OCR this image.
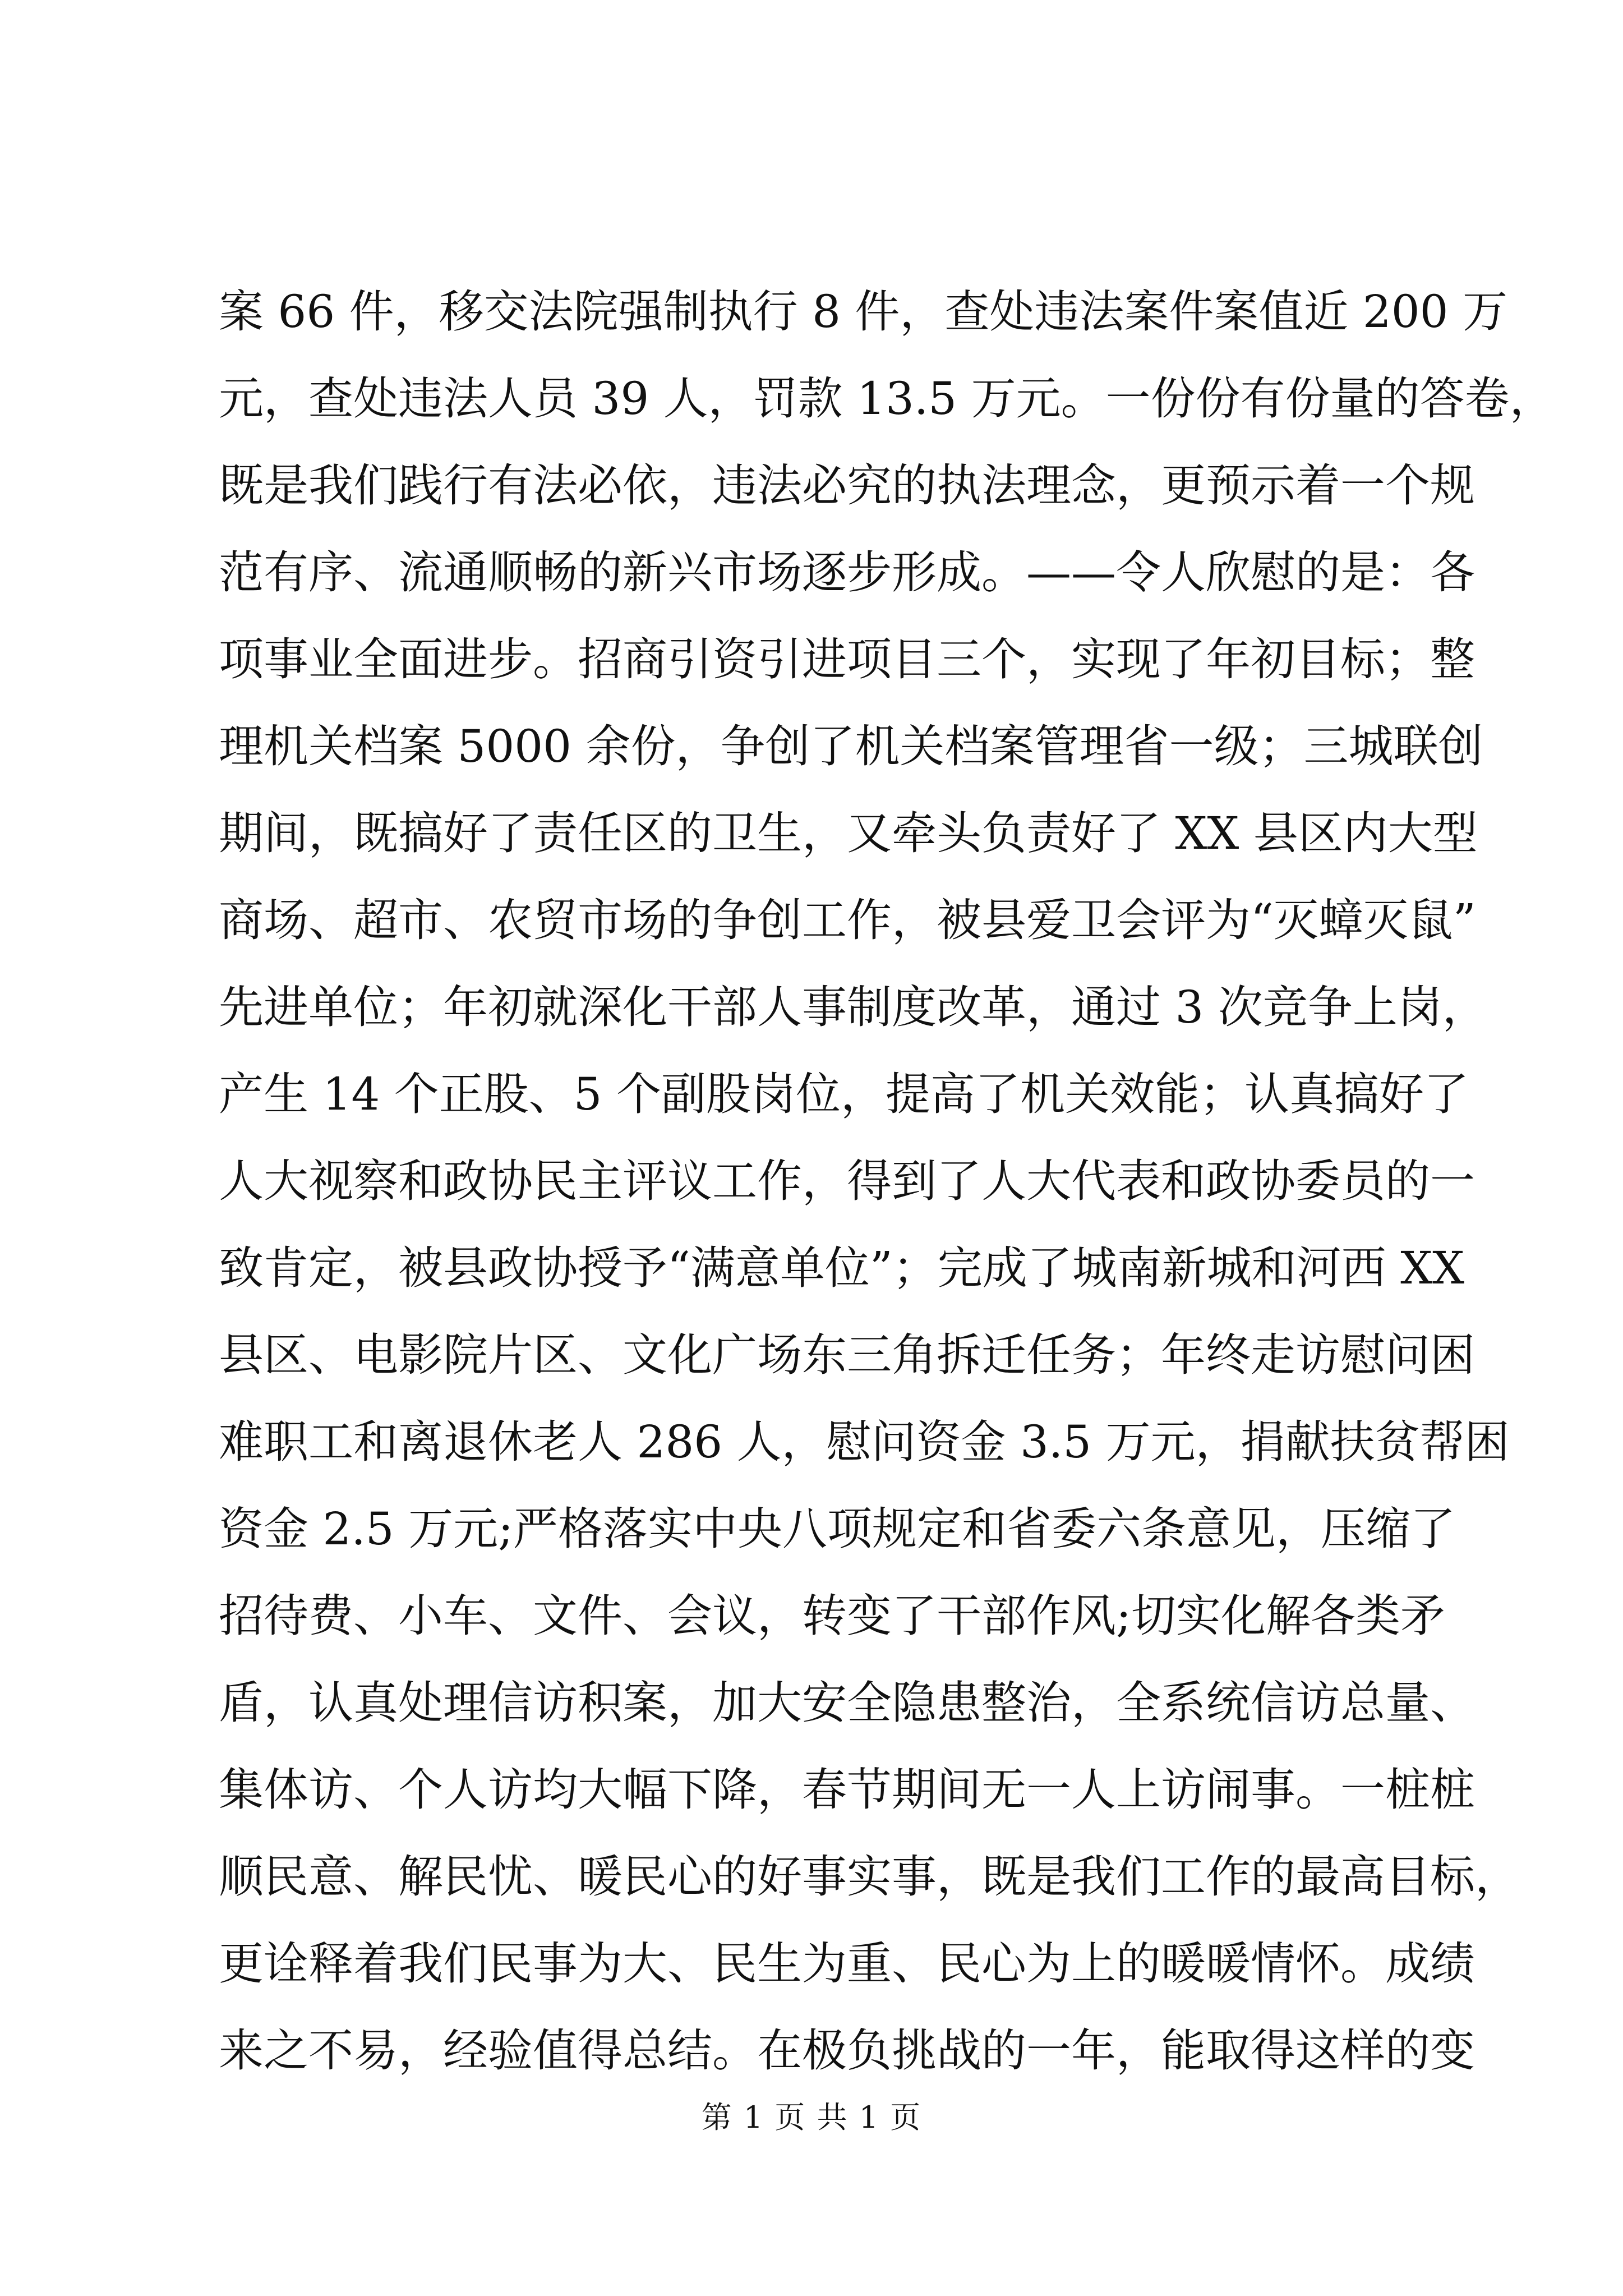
案 66 件，移交法院强制执行 8 件，查处违法案件案值近 200 万
元，查处违法人员 39 人，罚款 13.5 万元。一份份有份量的答卷，
既是我们践行有法必依，违法必究的执法理念，更预示着一个规
范有序、流通顺畅的新兴市场逐步形成。——令人欣慰的是：各
项事业全面进步。招商引资引进项目三个，实现了年初目标；整
理机关档案 5000 余份，争创了机关档案管理省一级；三城联创
期间，既搞好了责任区的卫生，又牵头负责好了 XX 县区内大型
商场、超市、农贸市场的争创工作，被县爱卫会评为“灭蟑灭鼠”
先进单位；年初就深化干部人事制度改革，通过 3 次竞争上岗，
产生 14 个正股、5 个副股岗位，提高了机关效能；认真搞好了
人大视察和政协民主评议工作，得到了人大代表和政协委员的一
致肯定，被县政协授予“满意单位”；完成了城南新城和河西 XX
县区、电影院片区、文化广场东三角拆迁任务；年终走访慰问困
难职工和离退休老人 286 人，慰问资金 3.5 万元，捐献扶贫帮困
资金 2.5 万元;严格落实中央八项规定和省委六条意见，压缩了
招待费、小车、文件、会议，转变了干部作风;切实化解各类矛
盾，认真处理信访积案，加大安全隐患整治，全系统信访总量、
集体访、个人访均大幅下降，春节期间无一人上访闹事。一桩桩
顺民意、解民忧、暖民心的好事实事，既是我们工作的最高目标，
更诠释着我们民事为大、民生为重、民心为上的暖暖情怀。成绩
来之不易，经验值得总结。在极负挑战的一年，能取得这样的变
第 1 页 共 1 页
